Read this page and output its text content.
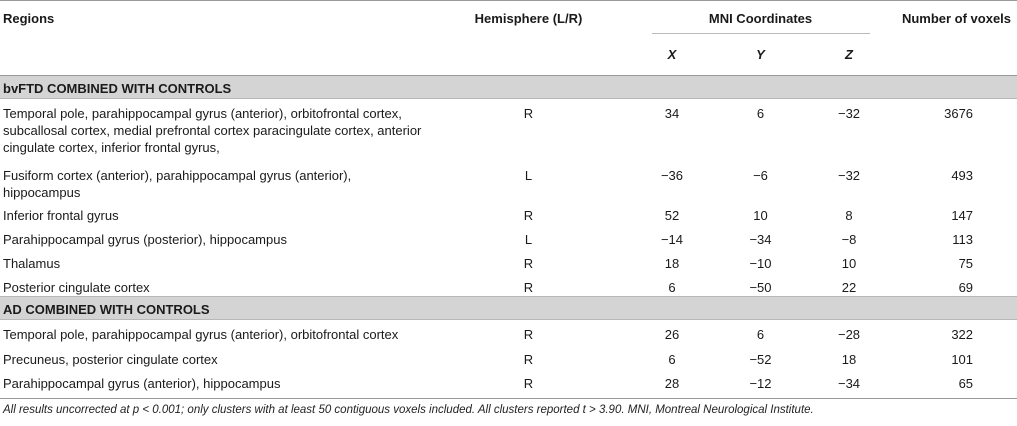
Regions	Hemisphere (L/R)	MNI Coordinates			Number of voxels
		X	Y	Z	
bvFTD COMBINED WITH CONTROLS					
Temporal pole, parahippocampal gyrus (anterior), orbitofrontal cortex, subcallosal cortex, medial prefrontal cortex paracingulate cortex, anterior cingulate cortex, inferior frontal gyrus,	R	34	6	−32	3676
Fusiform cortex (anterior), parahippocampal gyrus (anterior), hippocampus	L	−36	−6	−32	493
Inferior frontal gyrus	R	52	10	8	147
Parahippocampal gyrus (posterior), hippocampus	L	−14	−34	−8	113
Thalamus	R	18	−10	10	75
Posterior cingulate cortex	R	6	−50	22	69
AD COMBINED WITH CONTROLS					
Temporal pole, parahippocampal gyrus (anterior), orbitofrontal cortex	R	26	6	−28	322
Precuneus, posterior cingulate cortex	R	6	−52	18	101
Parahippocampal gyrus (anterior), hippocampus	R	28	−12	−34	65
All results uncorrected at p < 0.001; only clusters with at least 50 contiguous voxels included. All clusters reported t > 3.90. MNI, Montreal Neurological Institute.
